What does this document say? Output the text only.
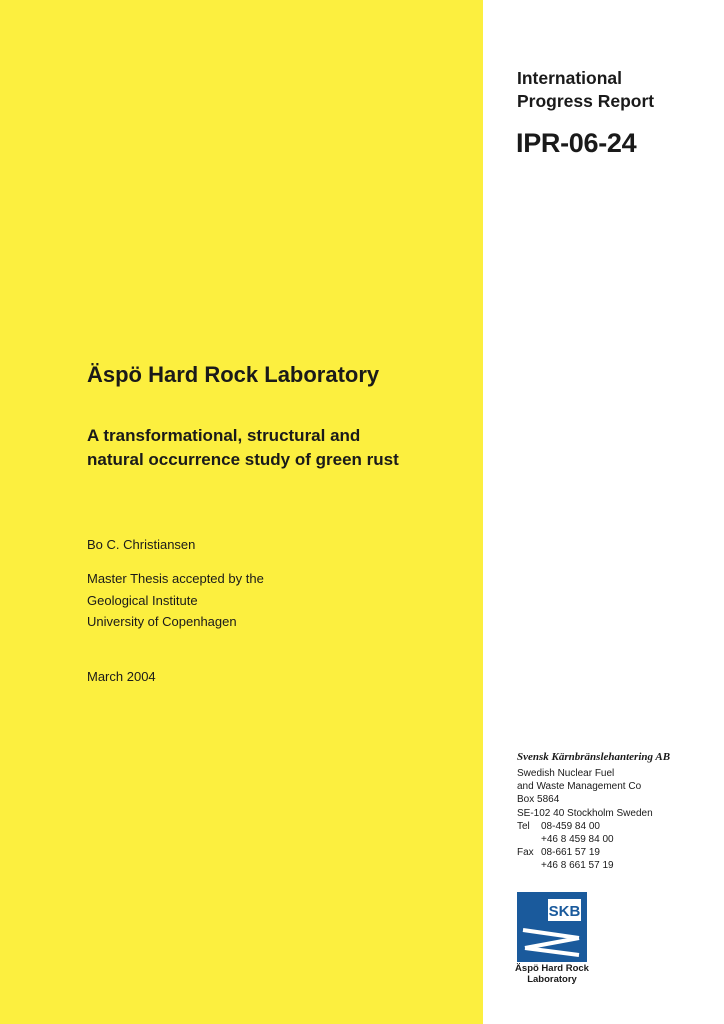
International
Progress Report
IPR-06-24
Äspö Hard Rock Laboratory
A transformational, structural and
natural occurrence study of green rust
Bo C. Christiansen
Master Thesis accepted by the
Geological Institute
University of Copenhagen
March 2004
Svensk Kärnbränslehantering AB
Swedish Nuclear Fuel
and Waste Management Co
Box 5864
SE-102 40 Stockholm Sweden
Tel 08-459 84 00
+46 8 459 84 00
Fax 08-661 57 19
+46 8 661 57 19
SKB
Äspö Hard Rock
Laboratory
